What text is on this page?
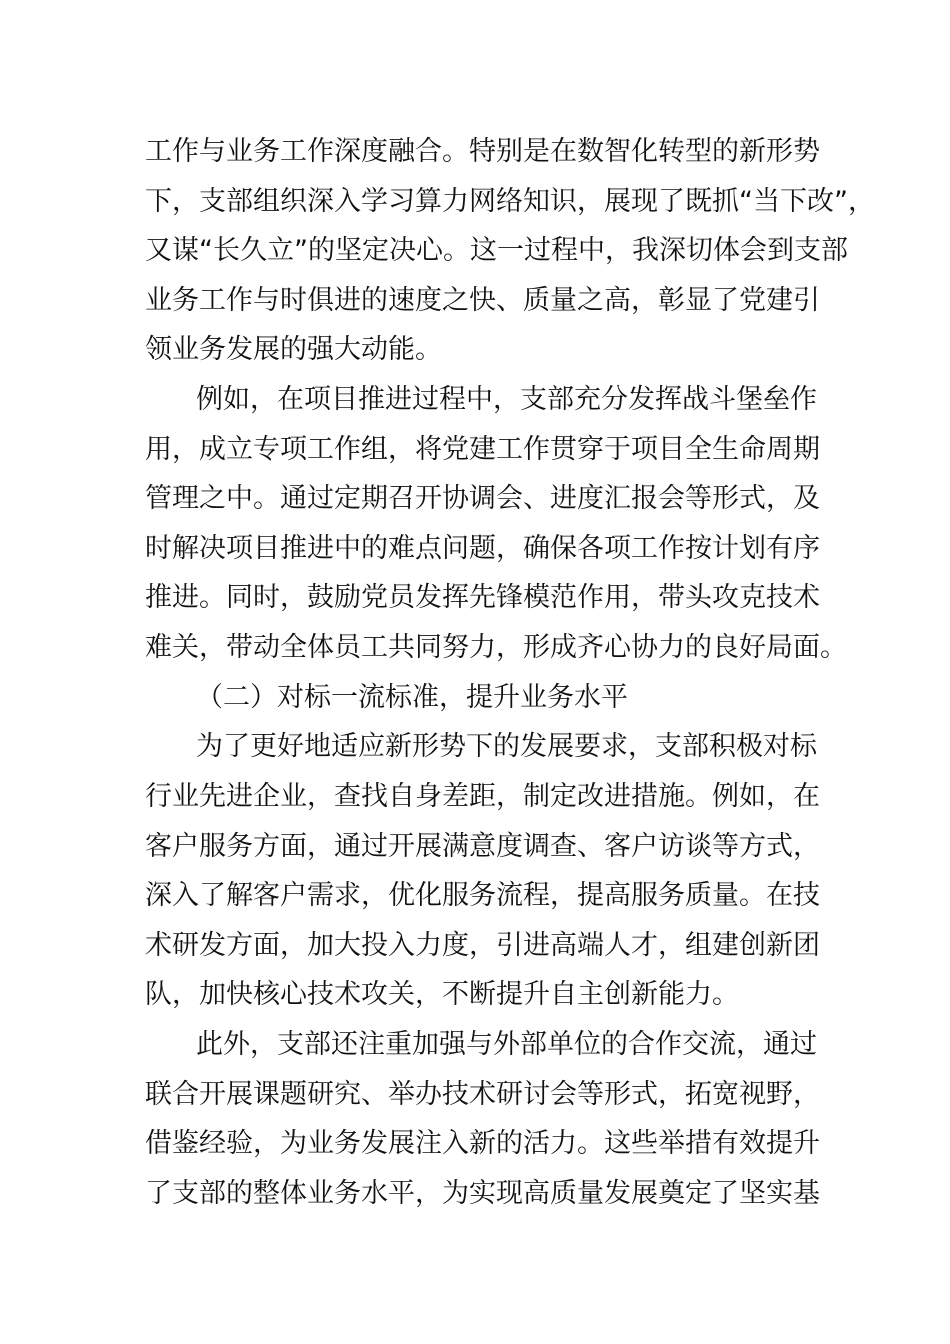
工作与业务工作深度融合。特别是在数智化转型的新形势

下，支部组织深入学习算力网络知识，展现了既抓“当下改”，

又谋“长久立”的坚定决心。这一过程中，我深切体会到支部

业务工作与时俱进的速度之快、质量之高，彰显了党建引

领业务发展的强大动能。

例如，在项目推进过程中，支部充分发挥战斗堡垒作

用，成立专项工作组，将党建工作贯穿于项目全生命周期

管理之中。通过定期召开协调会、进度汇报会等形式，及

时解决项目推进中的难点问题，确保各项工作按计划有序

推进。同时，鼓励党员发挥先锋模范作用，带头攻克技术

难关，带动全体员工共同努力，形成齐心协力的良好局面。

（二）对标一流标准，提升业务水平

为了更好地适应新形势下的发展要求，支部积极对标

行业先进企业，查找自身差距，制定改进措施。例如，在

客户服务方面，通过开展满意度调查、客户访谈等方式，

深入了解客户需求，优化服务流程，提高服务质量。在技

术研发方面，加大投入力度，引进高端人才，组建创新团

队，加快核心技术攻关，不断提升自主创新能力。

此外，支部还注重加强与外部单位的合作交流，通过

联合开展课题研究、举办技术研讨会等形式，拓宽视野，

借鉴经验，为业务发展注入新的活力。这些举措有效提升

了支部的整体业务水平，为实现高质量发展奠定了坚实基
